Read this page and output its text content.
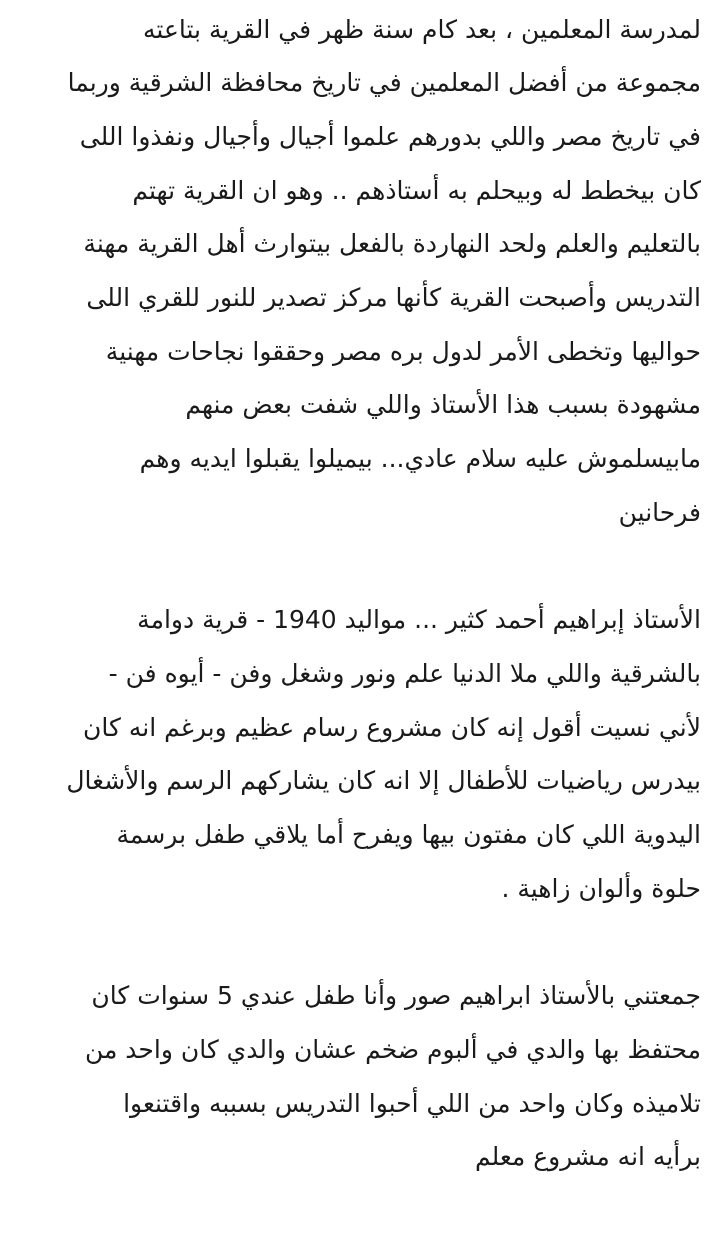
لمدرسة المعلمين ، بعد كام سنة ظهر في القرية بتاعته
مجموعة من أفضل المعلمين في تاريخ محافظة الشرقية وربما
في تاريخ مصر واللي بدورهم علموا أجيال وأجيال ونفذوا اللى
كان بيخطط له وبيحلم به أستاذهم .. وهو ان القرية تهتم
بالتعليم والعلم ولحد النهاردة بالفعل بيتوارث أهل القرية مهنة
التدريس وأصبحت القرية كأنها مركز تصدير للنور للقري اللى
حواليها وتخطى الأمر لدول بره مصر وحققوا نجاحات مهنية
مشهودة بسبب هذا الأستاذ واللي شفت بعض منهم
مابيسلموش عليه سلام عادي... بيميلوا يقبلوا ايديه وهم
فرحانين
الأستاذ إبراهيم أحمد كثير ... مواليد 1940 - قرية دوامة
بالشرقية واللي ملا الدنيا علم ونور وشغل وفن - أيوه فن -
لأني نسيت أقول إنه كان مشروع رسام عظيم وبرغم انه كان
بيدرس رياضيات للأطفال إلا انه كان يشاركهم الرسم والأشغال
اليدوية اللي كان مفتون بيها ويفرح أما يلاقي طفل برسمة
حلوة وألوان زاهية .
جمعتني بالأستاذ ابراهيم صور وأنا طفل عندي 5 سنوات كان
محتفظ بها والدي في ألبوم ضخم عشان والدي كان واحد من
تلاميذه وكان واحد من اللي أحبوا التدريس بسببه واقتنعوا
برأيه انه مشروع معلم
